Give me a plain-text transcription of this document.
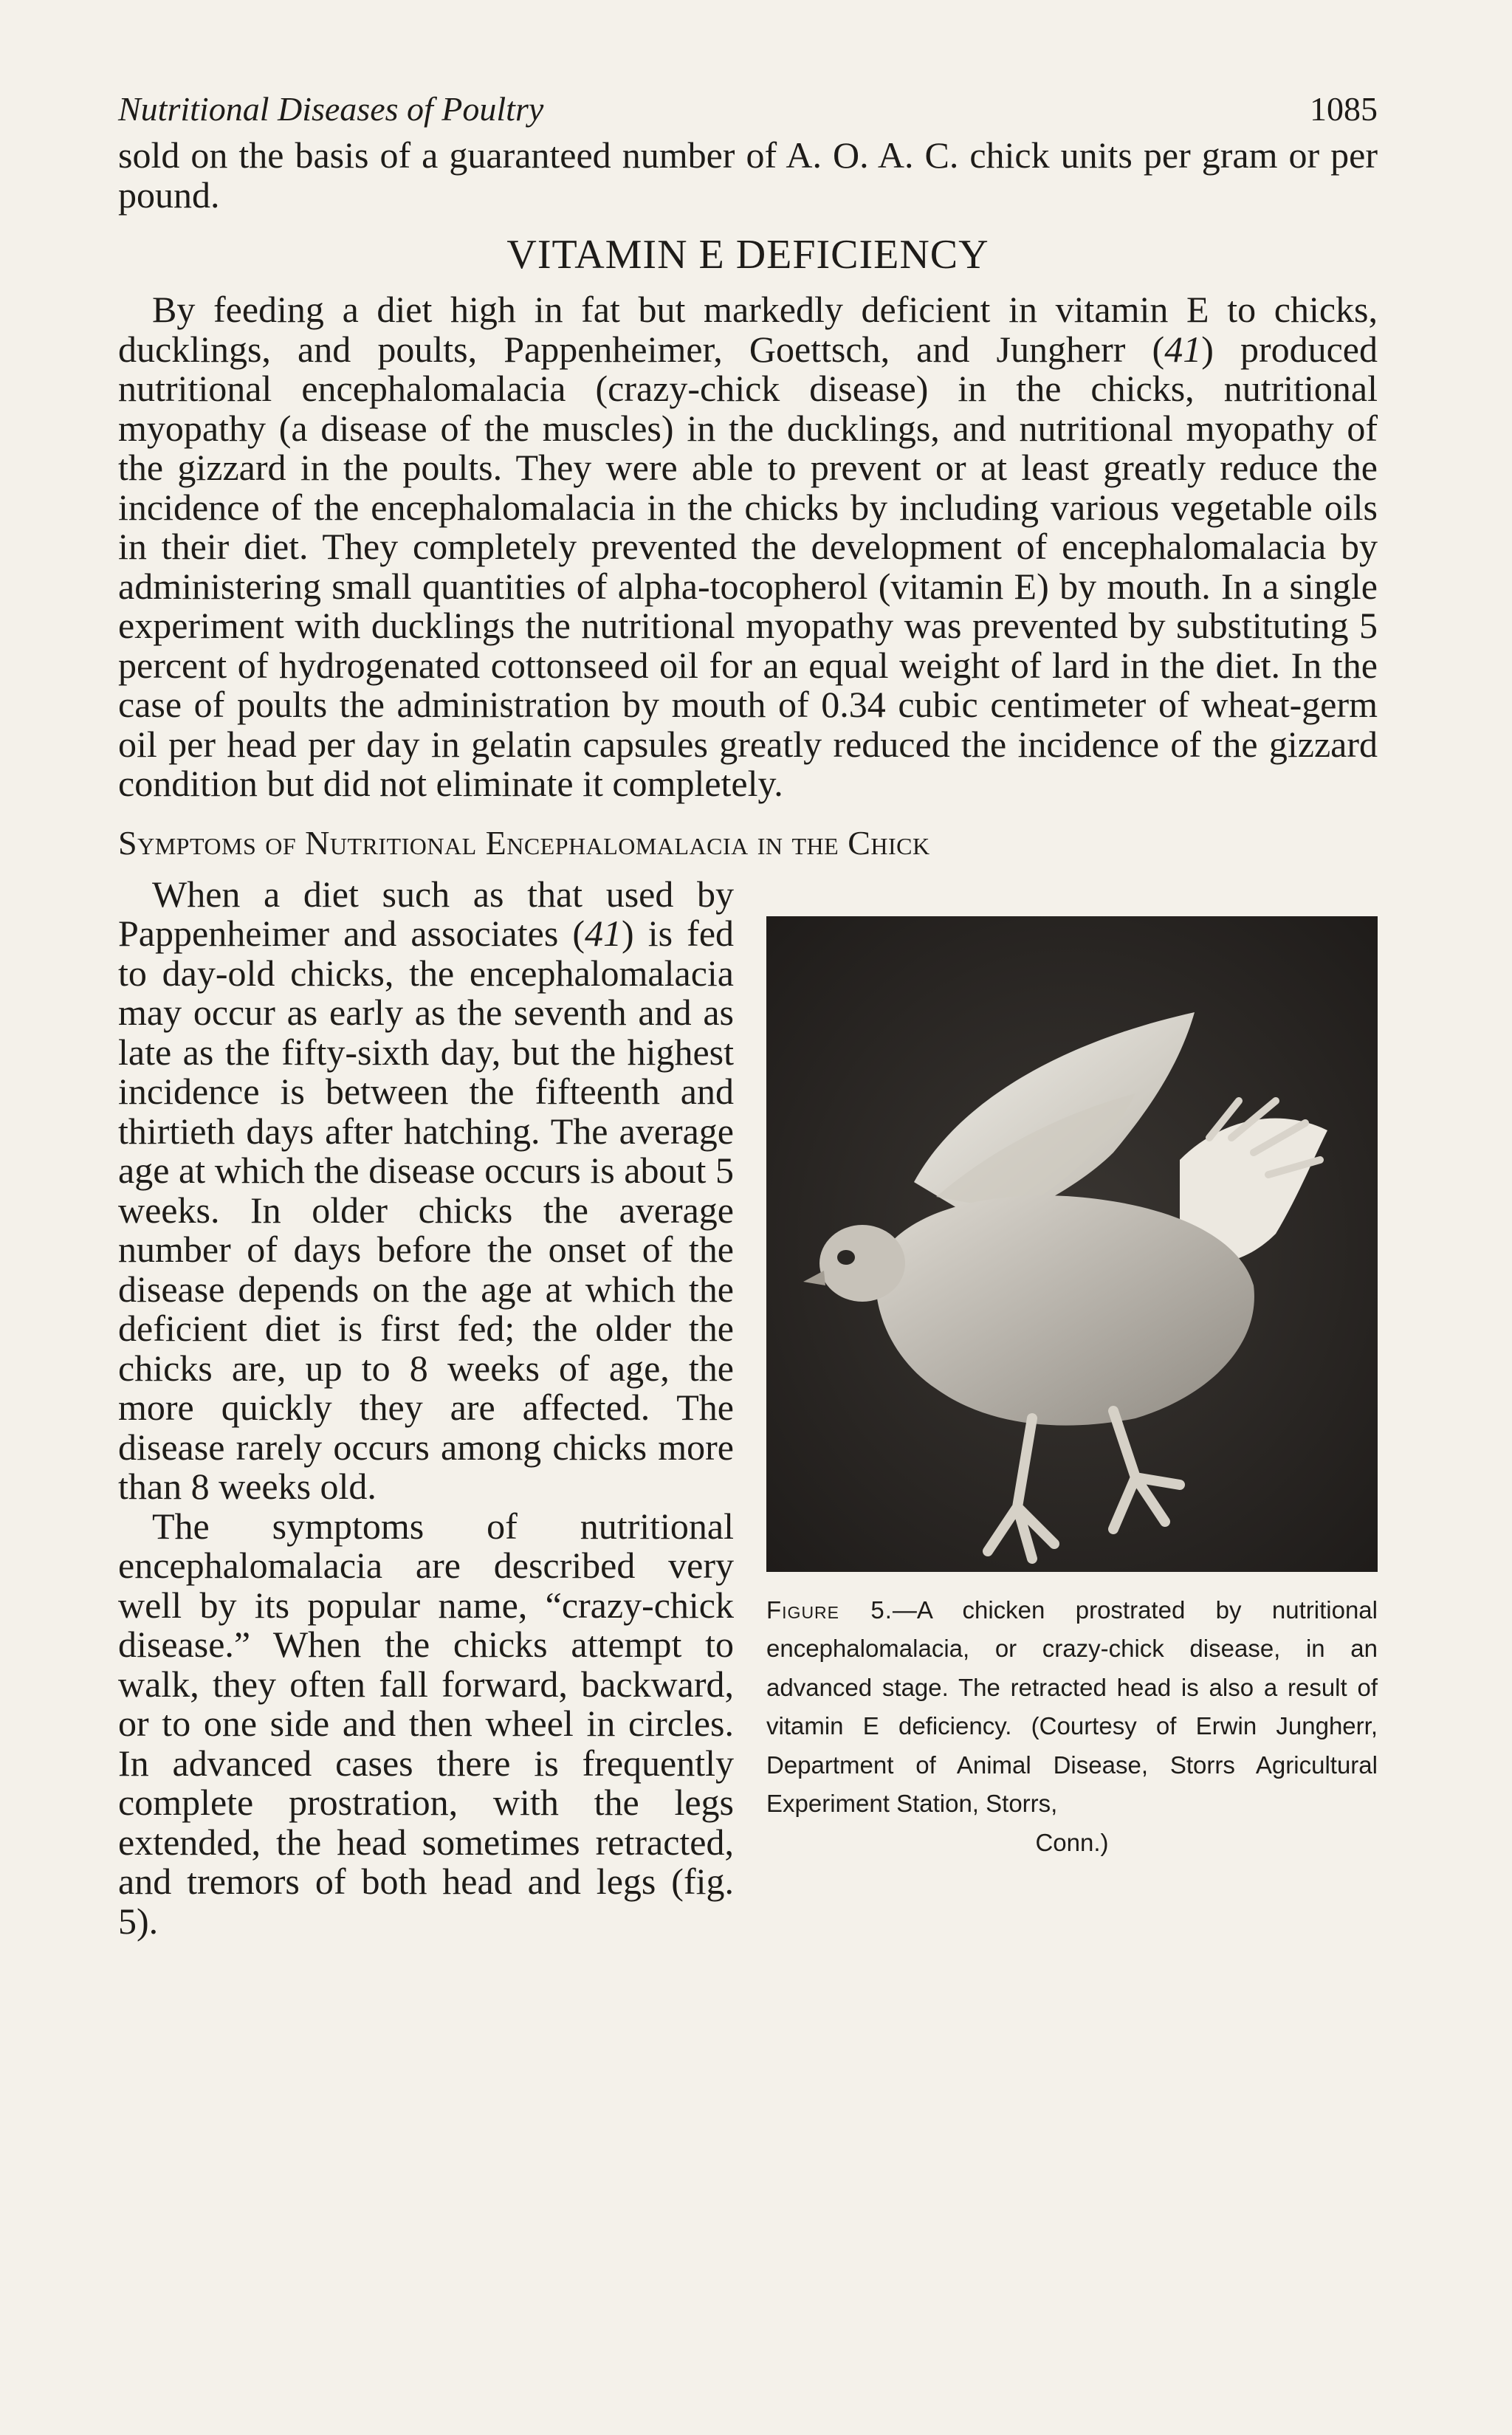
Nutritional Diseases of Poultry	1085

sold on the basis of a guaranteed number of A. O. A. C. chick units per gram or per pound.

VITAMIN E DEFICIENCY

By feeding a diet high in fat but markedly deficient in vitamin E to chicks, ducklings, and poults, Pappenheimer, Goettsch, and Jungherr (41) produced nutritional encephalomalacia (crazy-chick disease) in the chicks, nutritional myopathy (a disease of the muscles) in the ducklings, and nutritional myopathy of the gizzard in the poults. They were able to prevent or at least greatly reduce the incidence of the encephalomalacia in the chicks by including various vegetable oils in their diet. They completely prevented the development of encephalomalacia by administering small quantities of alpha-tocopherol (vitamin E) by mouth. In a single experiment with ducklings the nutritional myopathy was prevented by substituting 5 percent of hydrogenated cottonseed oil for an equal weight of lard in the diet. In the case of poults the administration by mouth of 0.34 cubic centimeter of wheat-germ oil per head per day in gelatin capsules greatly reduced the incidence of the gizzard condition but did not eliminate it completely.

Symptoms of Nutritional Encephalomalacia in the Chick
Figure 5.—A chicken prostrated by nutritional encephalomalacia, or crazy-chick disease, in an advanced stage. The retracted head is also a result of vitamin E deficiency. (Courtesy of Erwin Jungherr, Department of Animal Disease, Storrs Agricultural Experiment Station, Storrs,
Conn.)

When a diet such as that used by Pappenheimer and associates (41) is fed to day-old chicks, the encephalomalacia may occur as early as the seventh and as late as the fifty-sixth day, but the highest incidence is between the fifteenth and thirtieth days after hatching. The average age at which the disease occurs is about 5 weeks. In older chicks the average number of days before the onset of the disease depends on the age at which the deficient diet is first fed; the older the chicks are, up to 8 weeks of age, the more quickly they are affected. The disease rarely occurs among chicks more than 8 weeks old.

The symptoms of nutritional encephalomalacia are described very well by its popular name, “crazy-chick disease.” When the chicks attempt to walk, they often fall forward, backward, or to one side and then wheel in circles. In advanced cases there is frequently complete prostration, with the legs extended, the head sometimes retracted, and tremors of both head and legs (fig. 5).
